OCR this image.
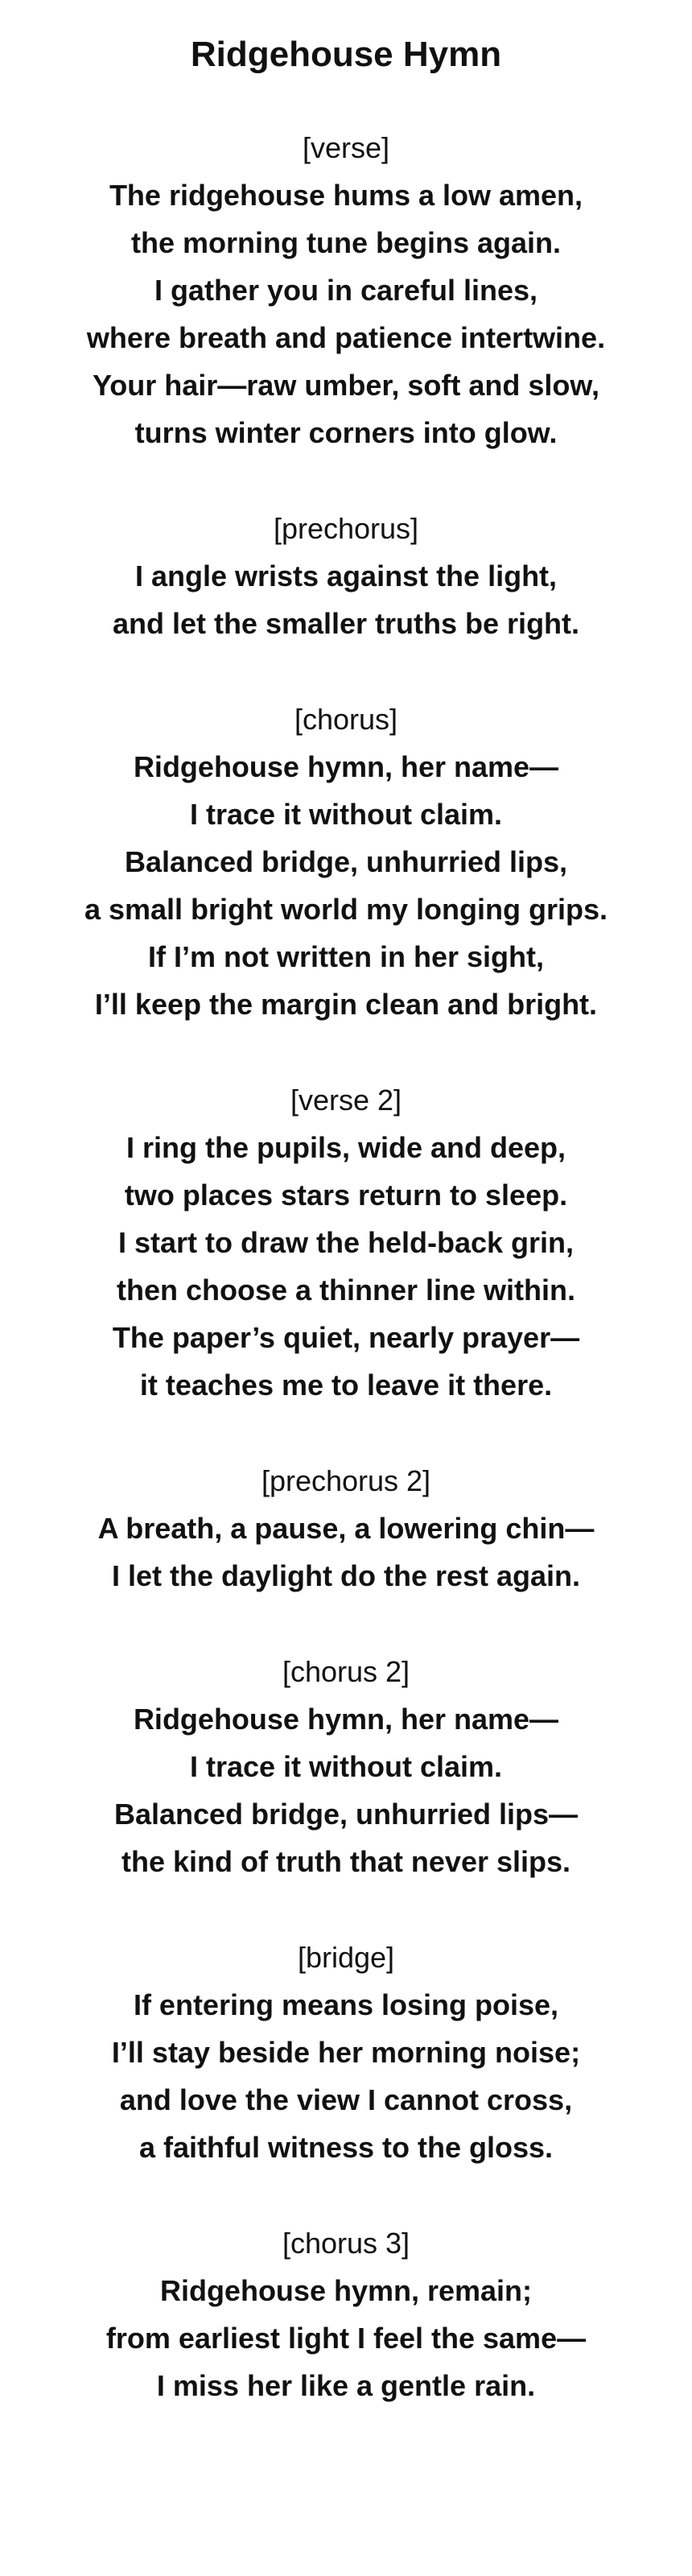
Ridgehouse Hymn

[verse]

The ridgehouse hums a low amen,

the morning tune begins again.

I gather you in careful lines,

where breath and patience intertwine.

Your hair—raw umber, soft and slow,

turns winter corners into glow.

[prechorus]

I angle wrists against the light,

and let the smaller truths be right.

[chorus]

Ridgehouse hymn, her name—

I trace it without claim.

Balanced bridge, unhurried lips,

a small bright world my longing grips.

If I’m not written in her sight,

I’ll keep the margin clean and bright.

[verse 2]

I ring the pupils, wide and deep,

two places stars return to sleep.

I start to draw the held-back grin,

then choose a thinner line within.

The paper’s quiet, nearly prayer—

it teaches me to leave it there.

[prechorus 2]

A breath, a pause, a lowering chin—

I let the daylight do the rest again.

[chorus 2]

Ridgehouse hymn, her name—

I trace it without claim.

Balanced bridge, unhurried lips—

the kind of truth that never slips.

[bridge]

If entering means losing poise,

I’ll stay beside her morning noise;

and love the view I cannot cross,

a faithful witness to the gloss.

[chorus 3]

Ridgehouse hymn, remain;

from earliest light I feel the same—

I miss her like a gentle rain.
